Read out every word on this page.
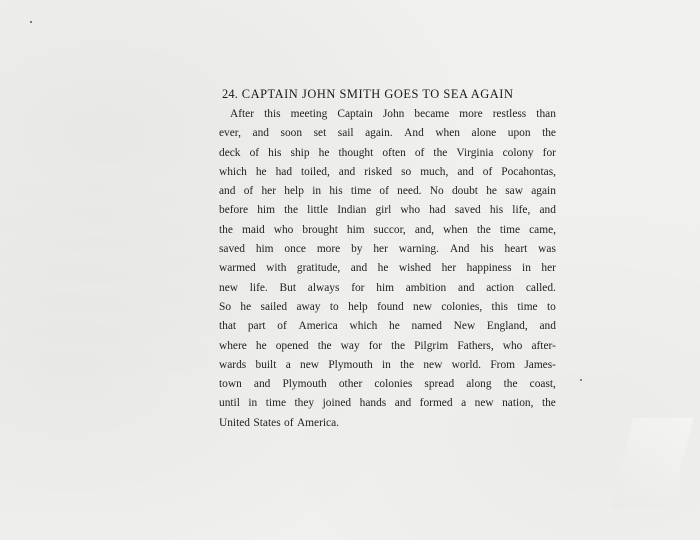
24. CAPTAIN JOHN SMITH GOES TO SEA AGAIN
After this meeting Captain John became more restless than
ever, and soon set sail again. And when alone upon the
deck of his ship he thought often of the Virginia colony for
which he had toiled, and risked so much, and of Pocahontas,
and of her help in his time of need. No doubt he saw again
before him the little Indian girl who had saved his life, and
the maid who brought him succor, and, when the time came,
saved him once more by her warning. And his heart was
warmed with gratitude, and he wished her happiness in her
new life. But always for him ambition and action called.
So he sailed away to help found new colonies, this time to
that part of America which he named New England, and
where he opened the way for the Pilgrim Fathers, who after-
wards built a new Plymouth in the new world. From James-
town and Plymouth other colonies spread along the coast,
until in time they joined hands and formed a new nation, the
United States of America.
